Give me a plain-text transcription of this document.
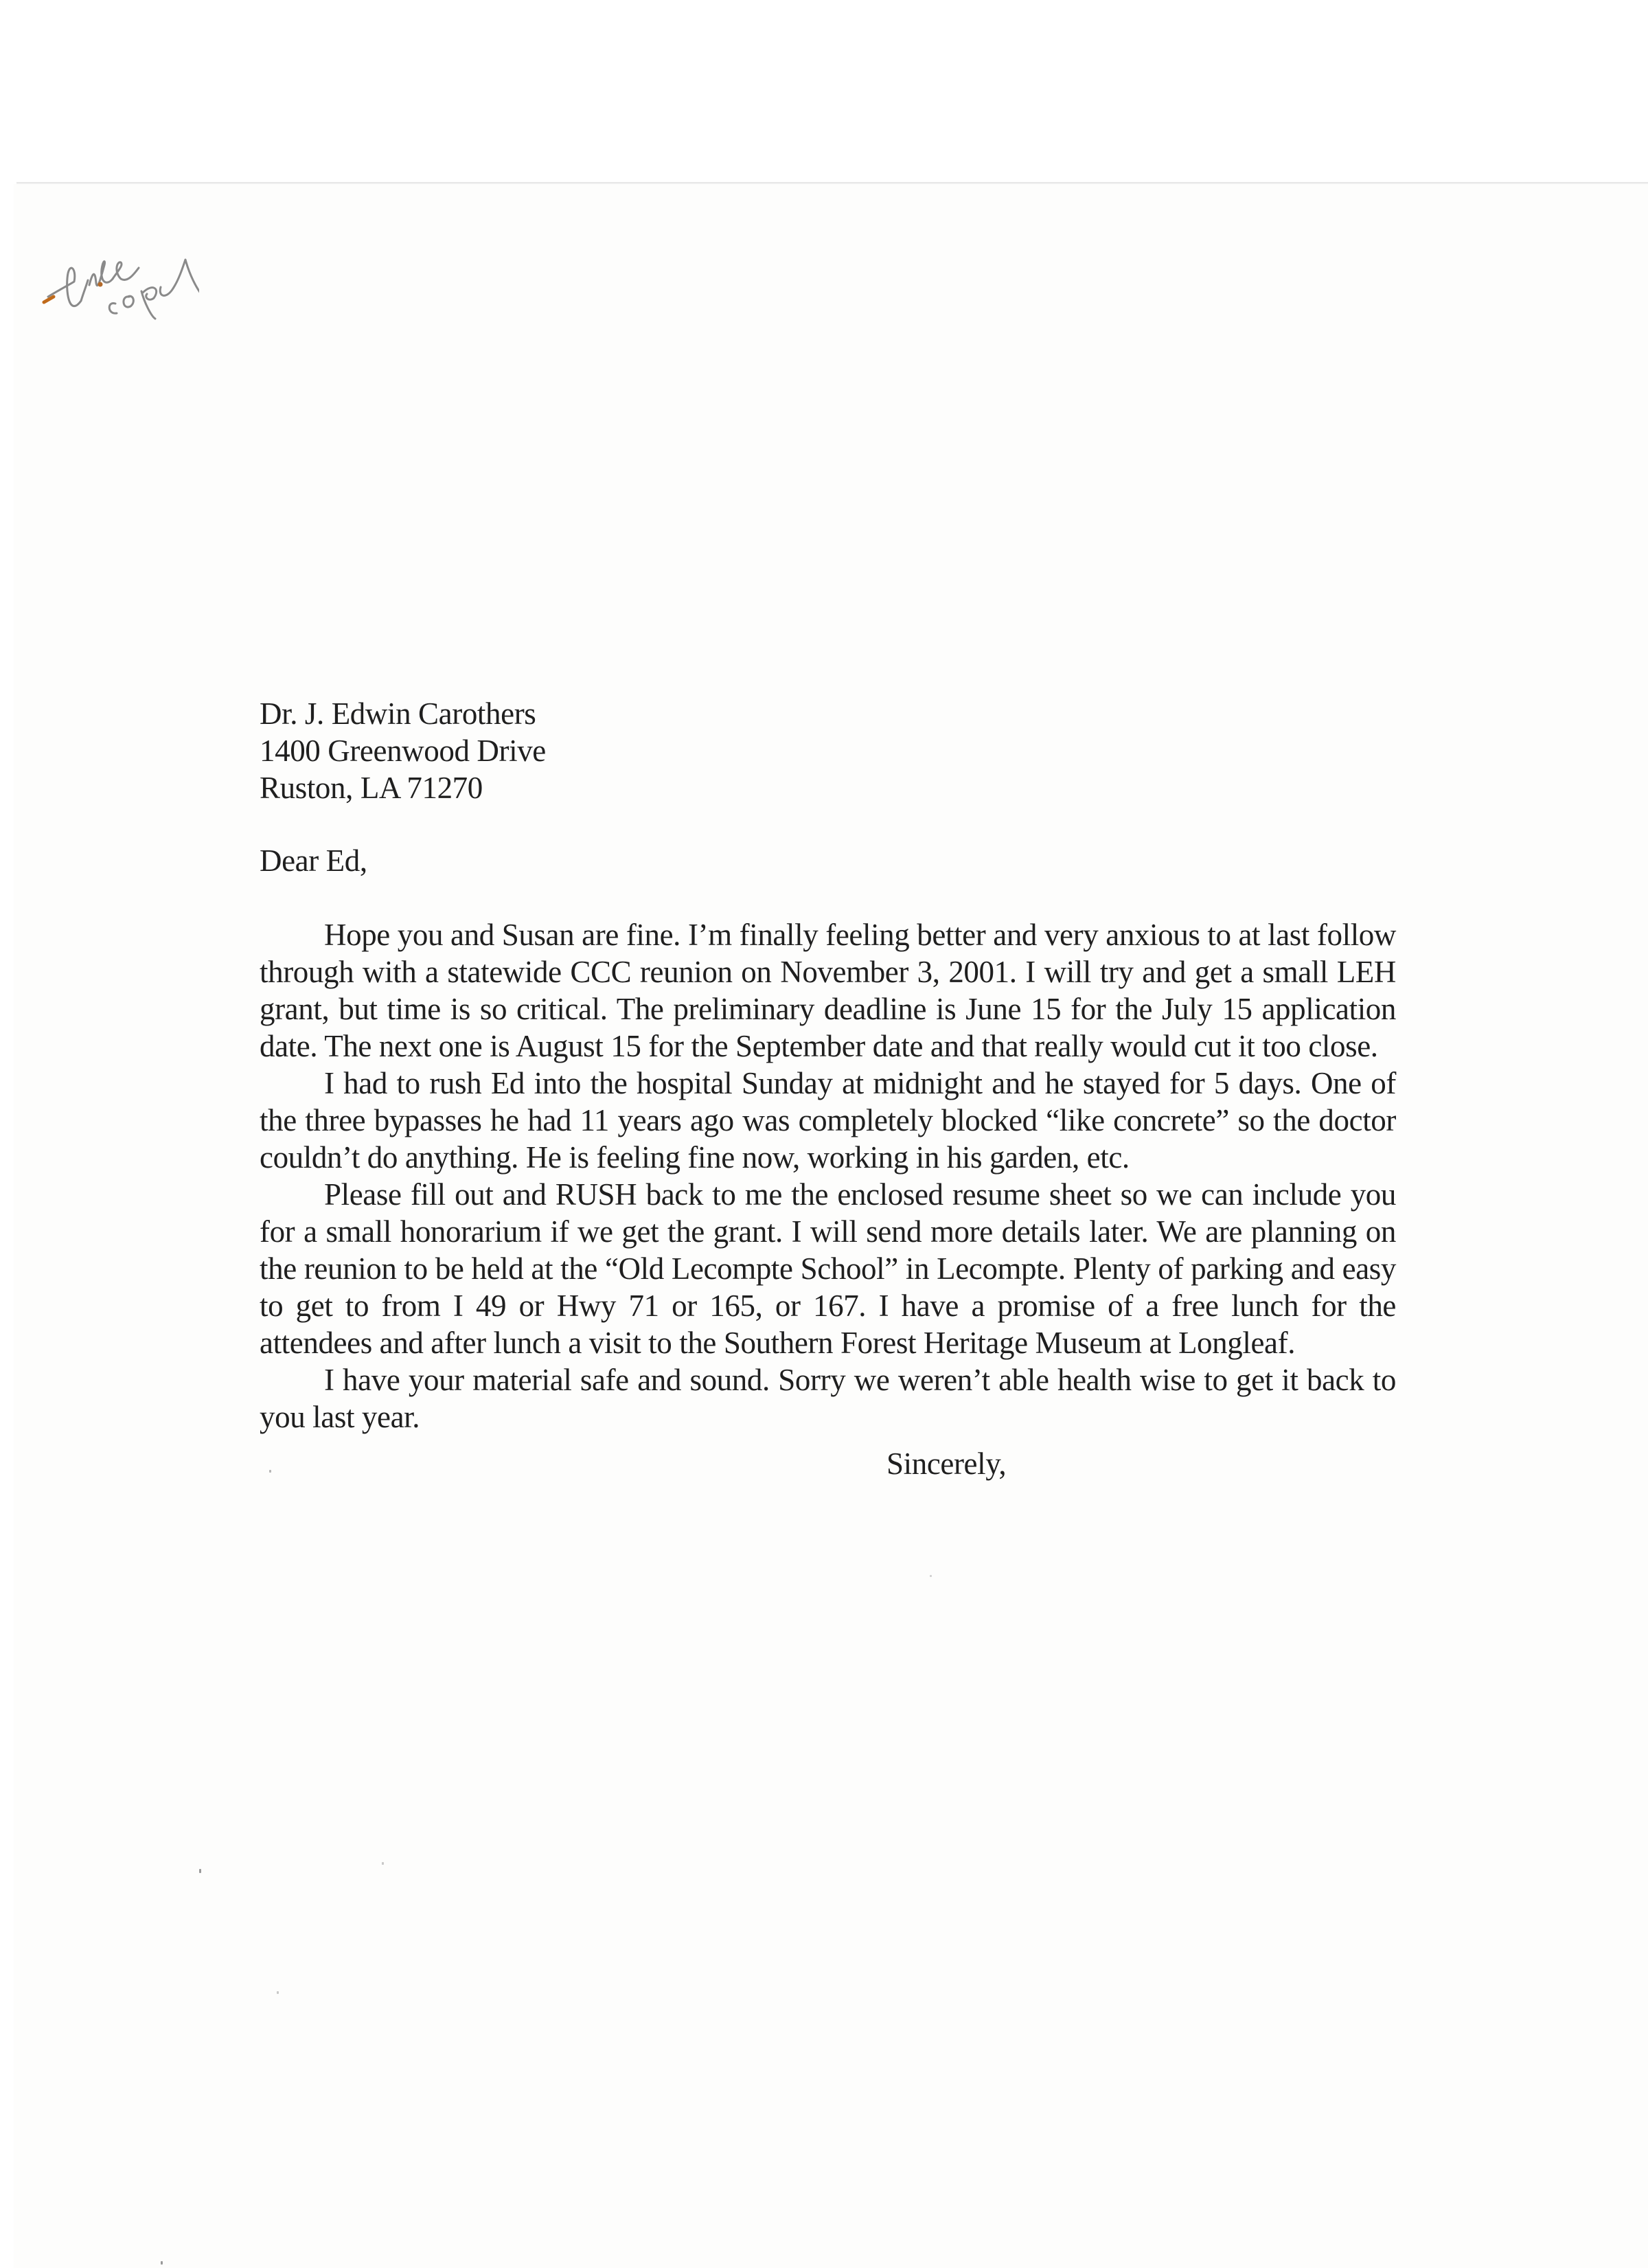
Dr. J. Edwin Carothers
1400 Greenwood Drive
Ruston, LA 71270
Dear Ed,

Hope you and Susan are fine. I’m finally feeling better and very anxious to at last follow through with a statewide CCC reunion on November 3, 2001. I will try and get a small LEH grant, but time is so critical. The preliminary deadline is June 15 for the July 15 application date. The next one is August 15 for the September date and that really would cut it too close.

I had to rush Ed into the hospital Sunday at midnight and he stayed for 5 days. One of the three bypasses he had 11 years ago was completely blocked “like concrete” so the doctor couldn’t do anything. He is feeling fine now, working in his garden, etc.

Please fill out and RUSH back to me the enclosed resume sheet so we can include you for a small honorarium if we get the grant. I will send more details later. We are planning on the reunion to be held at the “Old Lecompte School” in Lecompte. Plenty of parking and easy to get to from I 49 or Hwy 71 or 165, or 167. I have a promise of a free lunch for the attendees and after lunch a visit to the Southern Forest Heritage Museum at Longleaf.

I have your material safe and sound. Sorry we weren’t able health wise to get it back to you last year.

Sincerely,
